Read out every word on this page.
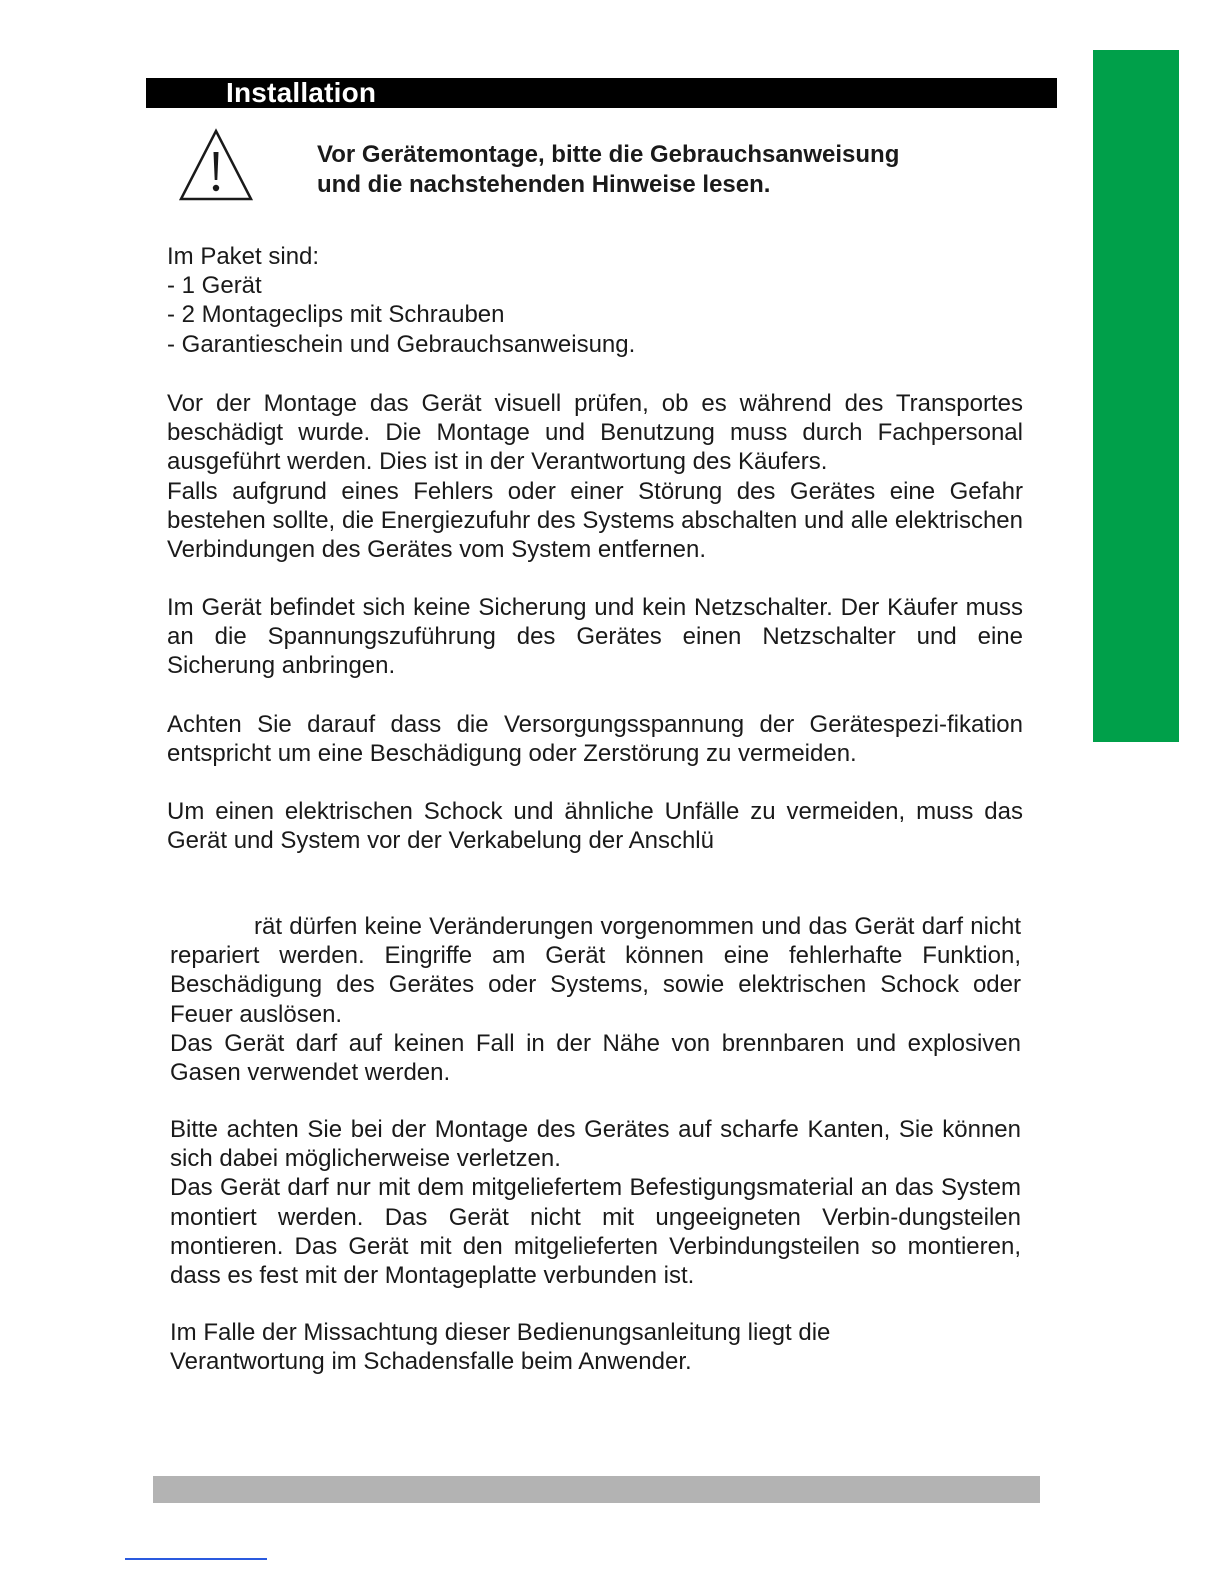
Installation
Vor Gerätemontage, bitte die Gebrauchsanweisung
und die nachstehenden Hinweise lesen.
Im Paket sind:
- 1 Gerät
- 2 Montageclips mit Schrauben
- Garantieschein und Gebrauchsanweisung.

Vor der Montage das Gerät visuell prüfen, ob es während des Transportes beschädigt wurde. Die Montage und Benutzung muss durch Fachpersonal ausgeführt werden. Dies ist in der Verantwortung des Käufers.

Falls aufgrund eines Fehlers oder einer Störung des Gerätes eine Gefahr bestehen sollte, die Energiezufuhr des Systems abschalten und alle elektrischen Verbindungen des Gerätes vom System entfernen.

Im Gerät befindet sich keine Sicherung und kein Netzschalter. Der Käufer muss an die Spannungszuführung des Gerätes einen Netzschalter und eine Sicherung anbringen.

Achten Sie darauf dass die Versorgungsspannung der Gerätespezi-fikation entspricht um eine Beschädigung oder Zerstörung zu vermeiden.

Um einen elektrischen Schock und ähnliche Unfälle zu vermeiden, muss das Gerät und System vor der Verkabelung der Anschlü

rät dürfen keine Veränderungen vorgenommen und das Gerät darf nicht repariert werden. Eingriffe am Gerät können eine fehlerhafte Funktion, Beschädigung des Gerätes oder Systems, sowie elektrischen Schock oder Feuer auslösen.

Das Gerät darf auf keinen Fall in der Nähe von brennbaren und explosiven Gasen verwendet werden.

Bitte achten Sie bei der Montage des Gerätes auf scharfe Kanten, Sie können sich dabei möglicherweise verletzen.

Das Gerät darf nur mit dem mitgeliefertem Befestigungsmaterial an das System montiert werden. Das Gerät nicht mit ungeeigneten Verbin-dungsteilen montieren. Das Gerät mit den mitgelieferten Verbindungsteilen so montieren, dass es fest mit der Montageplatte verbunden ist.

Im Falle der Missachtung dieser Bedienungsanleitung liegt die

Verantwortung im Schadensfalle beim Anwender.
